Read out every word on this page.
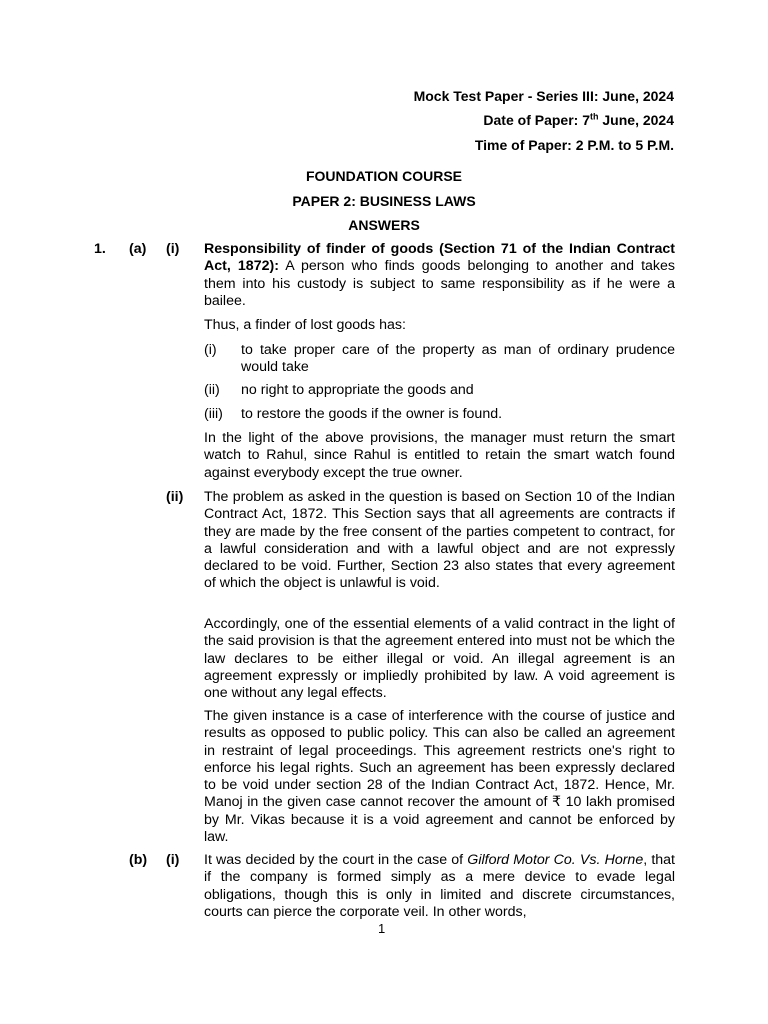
Mock Test Paper - Series III: June, 2024
Date of Paper: 7th June, 2024
Time of Paper: 2 P.M. to 5 P.M.
FOUNDATION COURSE
PAPER 2: BUSINESS LAWS
ANSWERS
1. (a) (i) Responsibility of finder of goods (Section 71 of the Indian Contract Act, 1872): A person who finds goods belonging to another and takes them into his custody is subject to same responsibility as if he were a bailee.
Thus, a finder of lost goods has:
(i) to take proper care of the property as man of ordinary prudence would take
(ii) no right to appropriate the goods and
(iii) to restore the goods if the owner is found.
In the light of the above provisions, the manager must return the smart watch to Rahul, since Rahul is entitled to retain the smart watch found against everybody except the true owner.
(ii) The problem as asked in the question is based on Section 10 of the Indian Contract Act, 1872. This Section says that all agreements are contracts if they are made by the free consent of the parties competent to contract, for a lawful consideration and with a lawful object and are not expressly declared to be void. Further, Section 23 also states that every agreement of which the object is unlawful is void.
Accordingly, one of the essential elements of a valid contract in the light of the said provision is that the agreement entered into must not be which the law declares to be either illegal or void. An illegal agreement is an agreement expressly or impliedly prohibited by law. A void agreement is one without any legal effects.
The given instance is a case of interference with the course of justice and results as opposed to public policy. This can also be called an agreement in restraint of legal proceedings. This agreement restricts one's right to enforce his legal rights. Such an agreement has been expressly declared to be void under section 28 of the Indian Contract Act, 1872. Hence, Mr. Manoj in the given case cannot recover the amount of ₹ 10 lakh promised by Mr. Vikas because it is a void agreement and cannot be enforced by law.
(b) (i) It was decided by the court in the case of Gilford Motor Co. Vs. Horne, that if the company is formed simply as a mere device to evade legal obligations, though this is only in limited and discrete circumstances, courts can pierce the corporate veil. In other words,
1
